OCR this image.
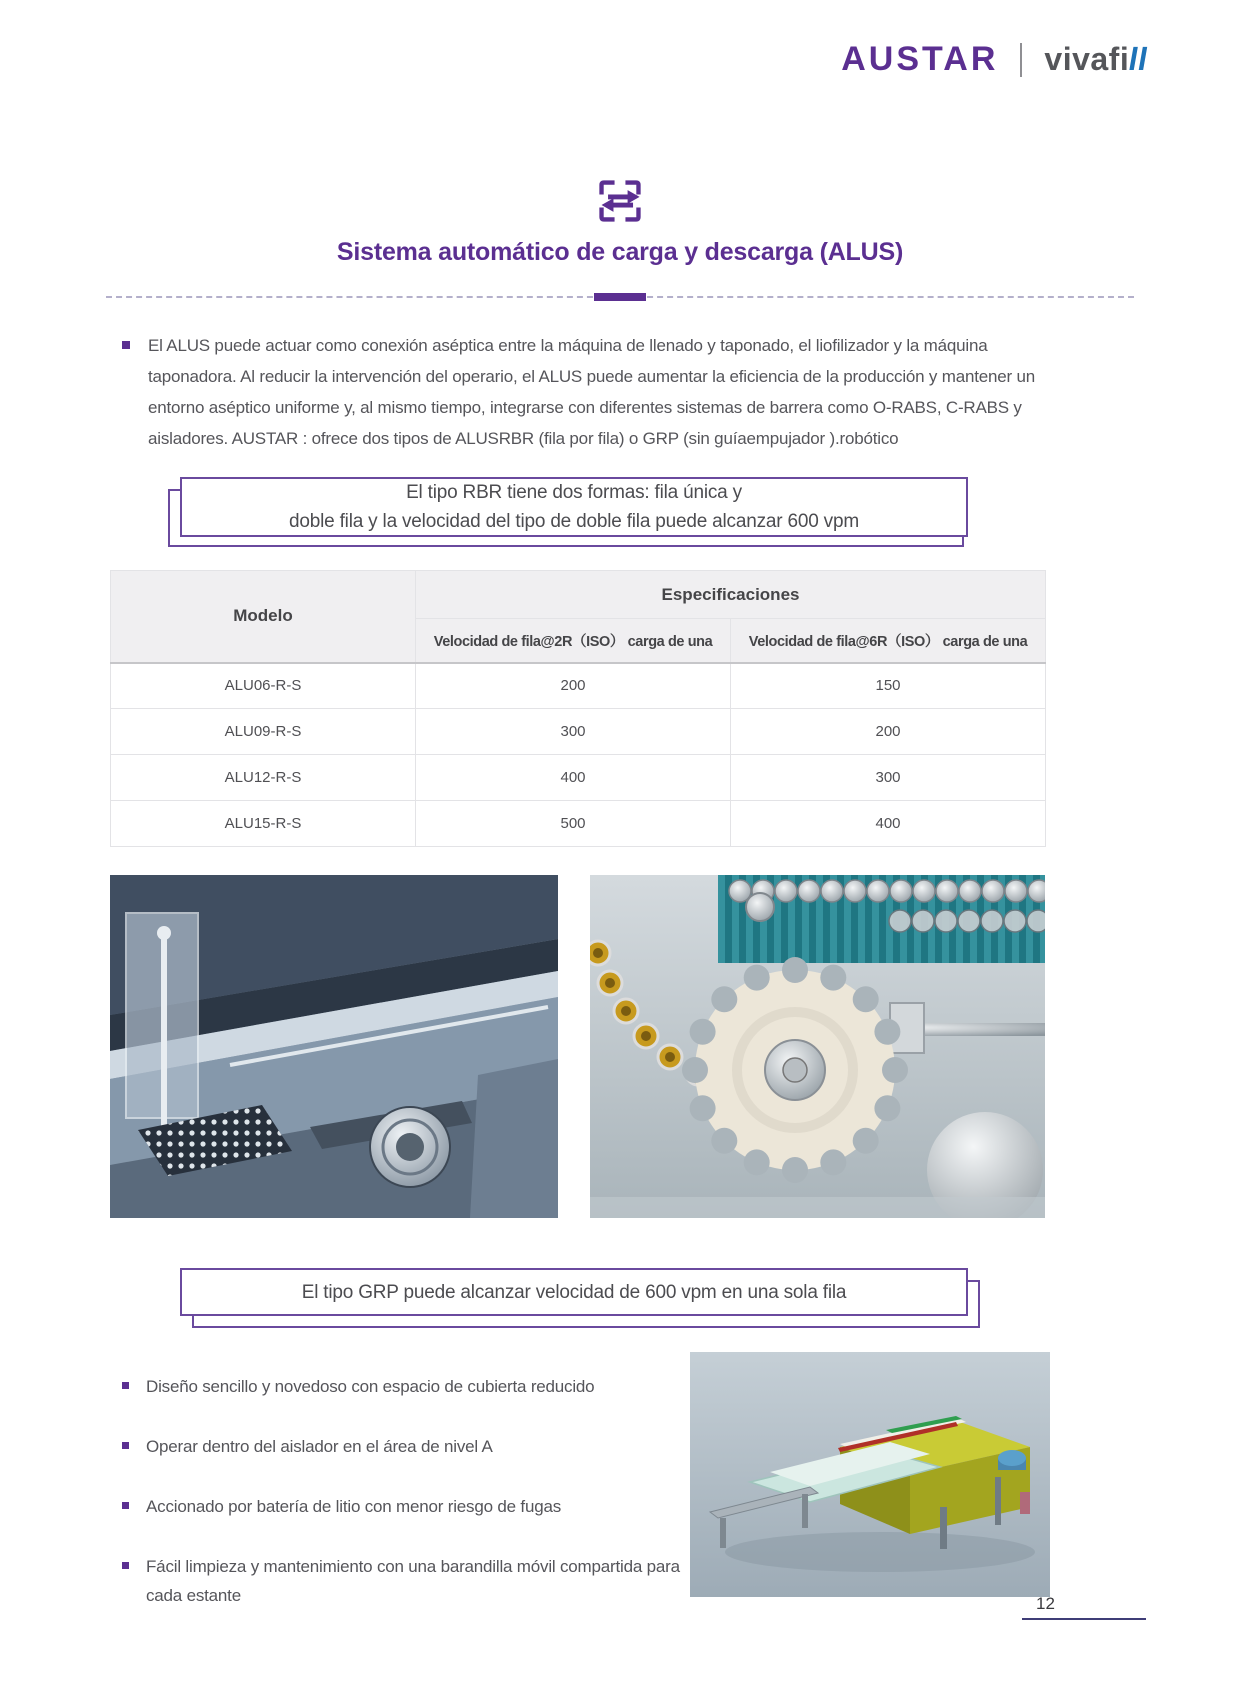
AUSTAR vivafill
Sistema automático de carga y descarga (ALUS)
El ALUS puede actuar como conexión aséptica entre la máquina de llenado y taponado, el liofilizador y la máquina taponadora. Al reducir la intervención del operario, el ALUS puede aumentar la eficiencia de la producción y mantener un entorno aséptico uniforme y, al mismo tiempo, integrarse con diferentes sistemas de barrera como O-RABS, C-RABS y aisladores. AUSTAR : ofrece dos tipos de ALUSRBR (fila por fila) o GRP (sin guíaempujador ).robótico
El tipo RBR tiene dos formas: fila única y
doble fila y la velocidad del tipo de doble fila puede alcanzar 600 vpm
Modelo	Especificaciones	
	Velocidad de fila@2R（ISO） carga de una	Velocidad de fila@6R（ISO） carga de una
ALU06-R-S	200	150
ALU09-R-S	300	200
ALU12-R-S	400	300
ALU15-R-S	500	400
El tipo GRP puede alcanzar velocidad de 600 vpm en una sola fila
Diseño sencillo y novedoso con espacio de cubierta reducido
Operar dentro del aislador en el área de nivel A
Accionado por batería de litio con menor riesgo de fugas
Fácil limpieza y mantenimiento con una barandilla móvil compartida para cada estante	12
